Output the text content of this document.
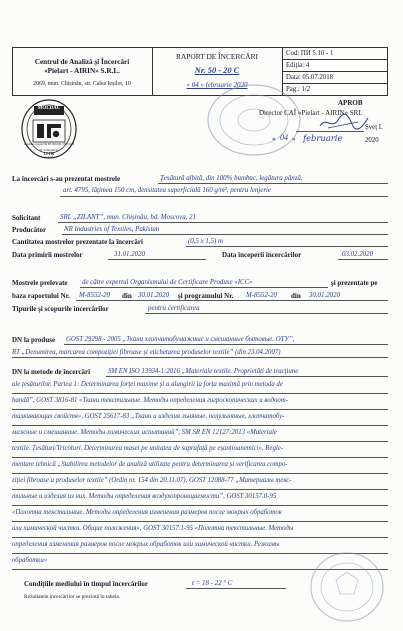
Centrul de Analiză și Încercări
«Pielart - AIRIN» S.R.L.
2069, mun. Chișinău, str. Calea Ieșilor, 10
RAPORT DE ÎNCERCĂRI
Nr. 50 - 20 C
« 04 » februarie 2020
Cod: ПИ 5.10 - 1
Ediția: 4
Data: 05.07.2018
Pag.: 1/2
MOLDAC
Acreditat conform SM EN ISO/CEI 17025:2018
Nr. de înregistrare
LI-106
S-3-18
APROB
Director CAÎ «Pielart - AIRIN» SRL
Șveț I.
« 04 » februarie	2020
La încercări s-au prezentat mostrele	Țesătură albită, din 100% bumbac, legătura pânză,
art. 4795, lățimea 150 cm, densitatea superficială 160 g/m², pentru lenjerie
Solicitant	SRL „ZILANT”, mun. Chișinău, bd. Moscova, 21
Producător	NR Industries of Textiles, Pakistan
Cantitatea mostrelor prezentate la încercări	(0,5 x 1,5) m
Data primirii mostrelor	31.01.2020	Data începerii încercărilor	03.02.2020
Mostrele prelevate de către expertul Organismului de Certificare Produse «ICC»	și prezentate pe
baza raportului Nr. M-8552-20 din 30.01.2020 și programului Nr. M-8552-20 din 30.01.2020
Tipurile și scopurile încercărilor	pentru certificarea
DN la produse GOST 29298 - 2005 „Ткани хлопчатобумажные и смешанные бытовые. ОТУ”,
RT „Denumirea, marcarea compoziției fibroase și etichetarea produselor textile” (din 23.04.2007)
DN la metode de încercări	SM EN ISO 13934-1:2016 „Materiale textile. Proprietăți de tracțiune
ale țesăturilor. Partea 1: Determinarea forței maxime și a alungirii la forța maximă prin metoda de
bandă”, GOST 3816-81 «Ткани текстильные. Методы определения гигроскопических и водоот-
талкивающих свойств», GOST 25617-83 „Ткани и изделия льняные, полульняные, хлопчатобу-
мажные и смешанные. Методы химических испытаний”, SM SR EN 12127:2013 «Materiale
textile. Țesături/Tricoturi. Determinarea masei pe unitatea de suprafață pe eșantioanemici», Regle-
mentare tehnică „Stabilirea metodelor de analiză utilizate pentru determinarea și verificarea compo-
ziției fibroase a produselor textile” (Ordin nr. 154 din 20.11.07), GOST 12088-77 „Материалы текс-
тильные и изделия из них. Методы определения воздухопроницаемости”, GOST 30157.0-95
«Полотна текстильные. Методы определения изменения размеров после мокрых обработок
или химической чистки. Общие положения», GOST 30157.1-95 «Полотна текстильные. Методы
определения изменения размеров после мокрых обработок или химической чистки. Режимы
обработки»
Condițiile mediului în timpul încercărilor	t = 18 - 22 ° C
Rezultatele încercărilor se prezintă în tabela.
